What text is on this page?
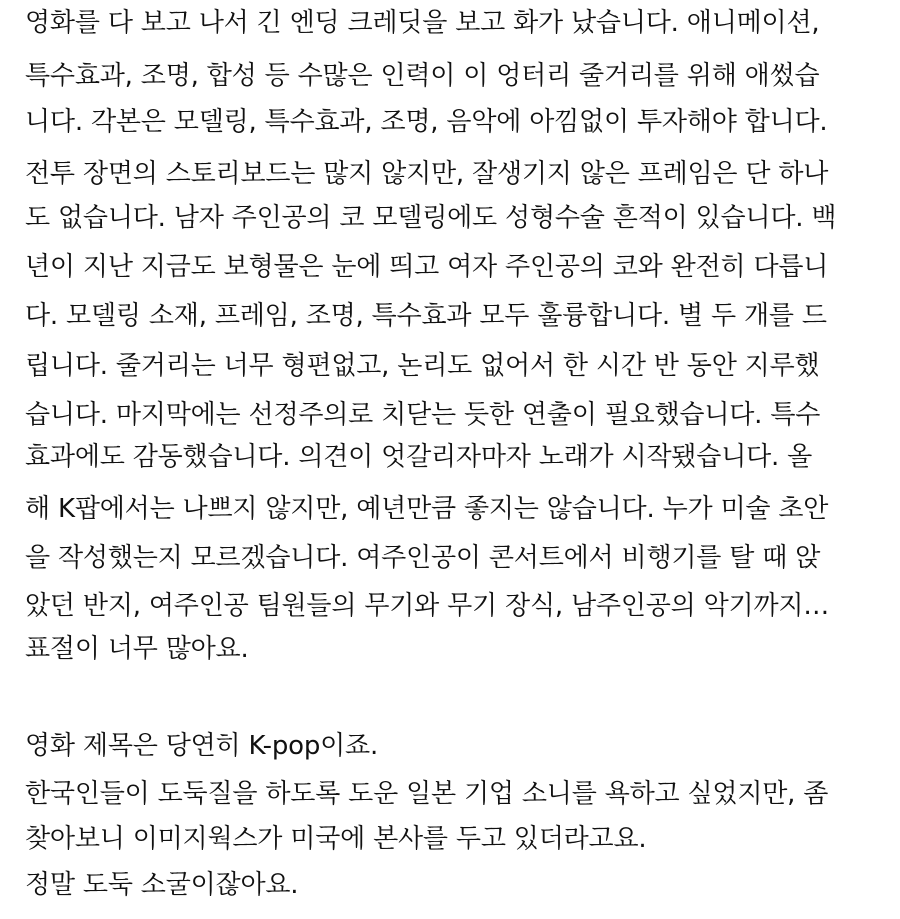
영화를 다 보고 나서 긴 엔딩 크레딧을 보고 화가 났습니다. 애니메이션,
특수효과, 조명, 합성 등 수많은 인력이 이 엉터리 줄거리를 위해 애썼습
니다. 각본은 모델링, 특수효과, 조명, 음악에 아낌없이 투자해야 합니다.
전투 장면의 스토리보드는 많지 않지만, 잘생기지 않은 프레임은 단 하나
도 없습니다. 남자 주인공의 코 모델링에도 성형수술 흔적이 있습니다. 백
년이 지난 지금도 보형물은 눈에 띄고 여자 주인공의 코와 완전히 다릅니
다. 모델링 소재, 프레임, 조명, 특수효과 모두 훌륭합니다. 별 두 개를 드
립니다. 줄거리는 너무 형편없고, 논리도 없어서 한 시간 반 동안 지루했
습니다. 마지막에는 선정주의로 치닫는 듯한 연출이 필요했습니다. 특수
효과에도 감동했습니다. 의견이 엇갈리자마자 노래가 시작됐습니다. 올
해 K팝에서는 나쁘지 않지만, 예년만큼 좋지는 않습니다. 누가 미술 초안
을 작성했는지 모르겠습니다. 여주인공이 콘서트에서 비행기를 탈 때 앉
았던 반지, 여주인공 팀원들의 무기와 무기 장식, 남주인공의 악기까지…
표절이 너무 많아요.
영화 제목은 당연히 K-pop이죠.
한국인들이 도둑질을 하도록 도운 일본 기업 소니를 욕하고 싶었지만, 좀
찾아보니 이미지웍스가 미국에 본사를 두고 있더라고요.
정말 도둑 소굴이잖아요.
